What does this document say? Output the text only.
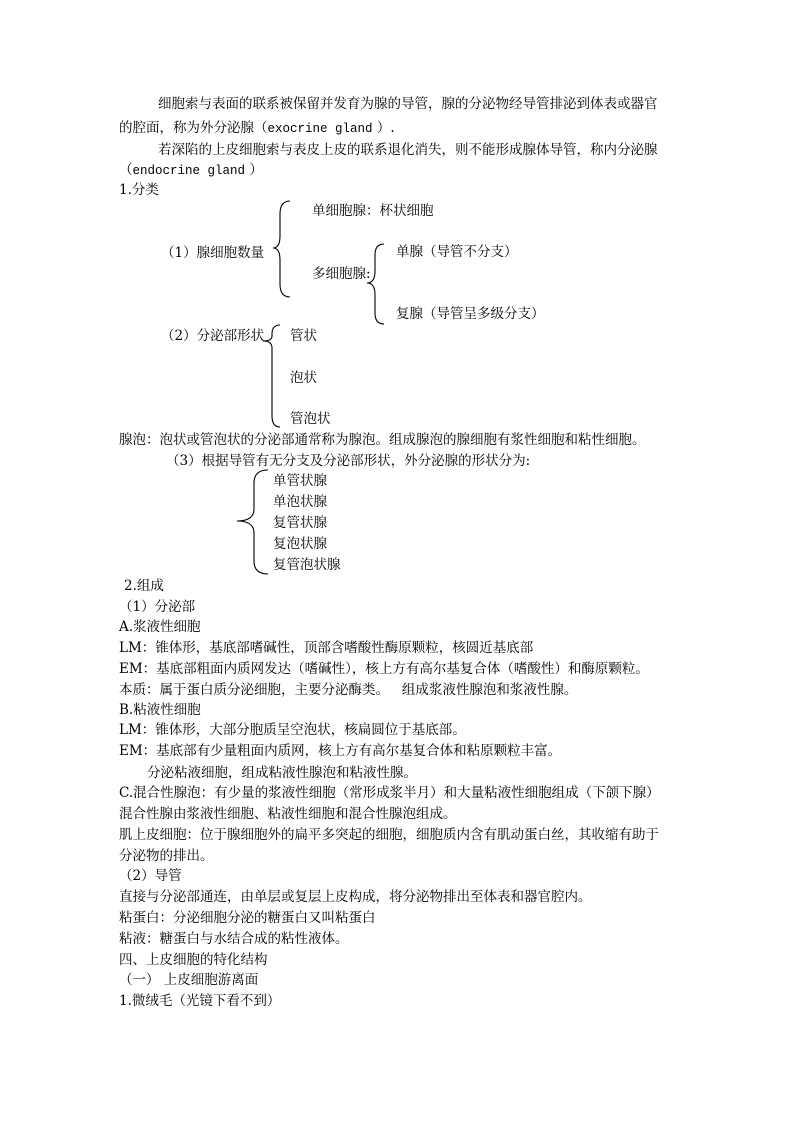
细胞索与表面的联系被保留并发育为腺的导管，腺的分泌物经导管排泌到体表或器官
的腔面，称为外分泌腺（exocrine gland ）.
若深陷的上皮细胞索与表皮上皮的联系退化消失，则不能形成腺体导管，称内分泌腺
（endocrine gland ）
1.分类
（1）腺细胞数量
单细胞腺：杯状细胞
多细胞腺:
单腺（导管不分支）
复腺（导管呈多级分支）
（2）分泌部形状 管状
泡状
管泡状
腺泡：泡状或管泡状的分泌部通常称为腺泡。组成腺泡的腺细胞有浆性细胞和粘性细胞。
（3）根据导管有无分支及分泌部形状，外分泌腺的形状分为:
单管状腺
单泡状腺
复管状腺
复泡状腺
复管泡状腺
2.组成
（1）分泌部
A.浆液性细胞
LM：锥体形，基底部嗜碱性，顶部含嗜酸性酶原颗粒，核圆近基底部
EM：基底部粗面内质网发达（嗜碱性），核上方有高尔基复合体（嗜酸性）和酶原颗粒。
本质：属于蛋白质分泌细胞，主要分泌酶类。   组成浆液性腺泡和浆液性腺。
B.粘液性细胞
LM：锥体形，大部分胞质呈空泡状，核扁圆位于基底部。
EM：基底部有少量粗面内质网，核上方有高尔基复合体和粘原颗粒丰富。
分泌粘液细胞，组成粘液性腺泡和粘液性腺。
C.混合性腺泡：有少量的浆液性细胞（常形成浆半月）和大量粘液性细胞组成（下颌下腺）
混合性腺由浆液性细胞、粘液性细胞和混合性腺泡组成。
肌上皮细胞：位于腺细胞外的扁平多突起的细胞，细胞质内含有肌动蛋白丝，其收缩有助于
分泌物的排出。
（2）导管
直接与分泌部通连，由单层或复层上皮构成，将分泌物排出至体表和器官腔内。
粘蛋白：分泌细胞分泌的糖蛋白又叫粘蛋白
粘液：糖蛋白与水结合成的粘性液体。
四、上皮细胞的特化结构
（一） 上皮细胞游离面
1.微绒毛（光镜下看不到）
